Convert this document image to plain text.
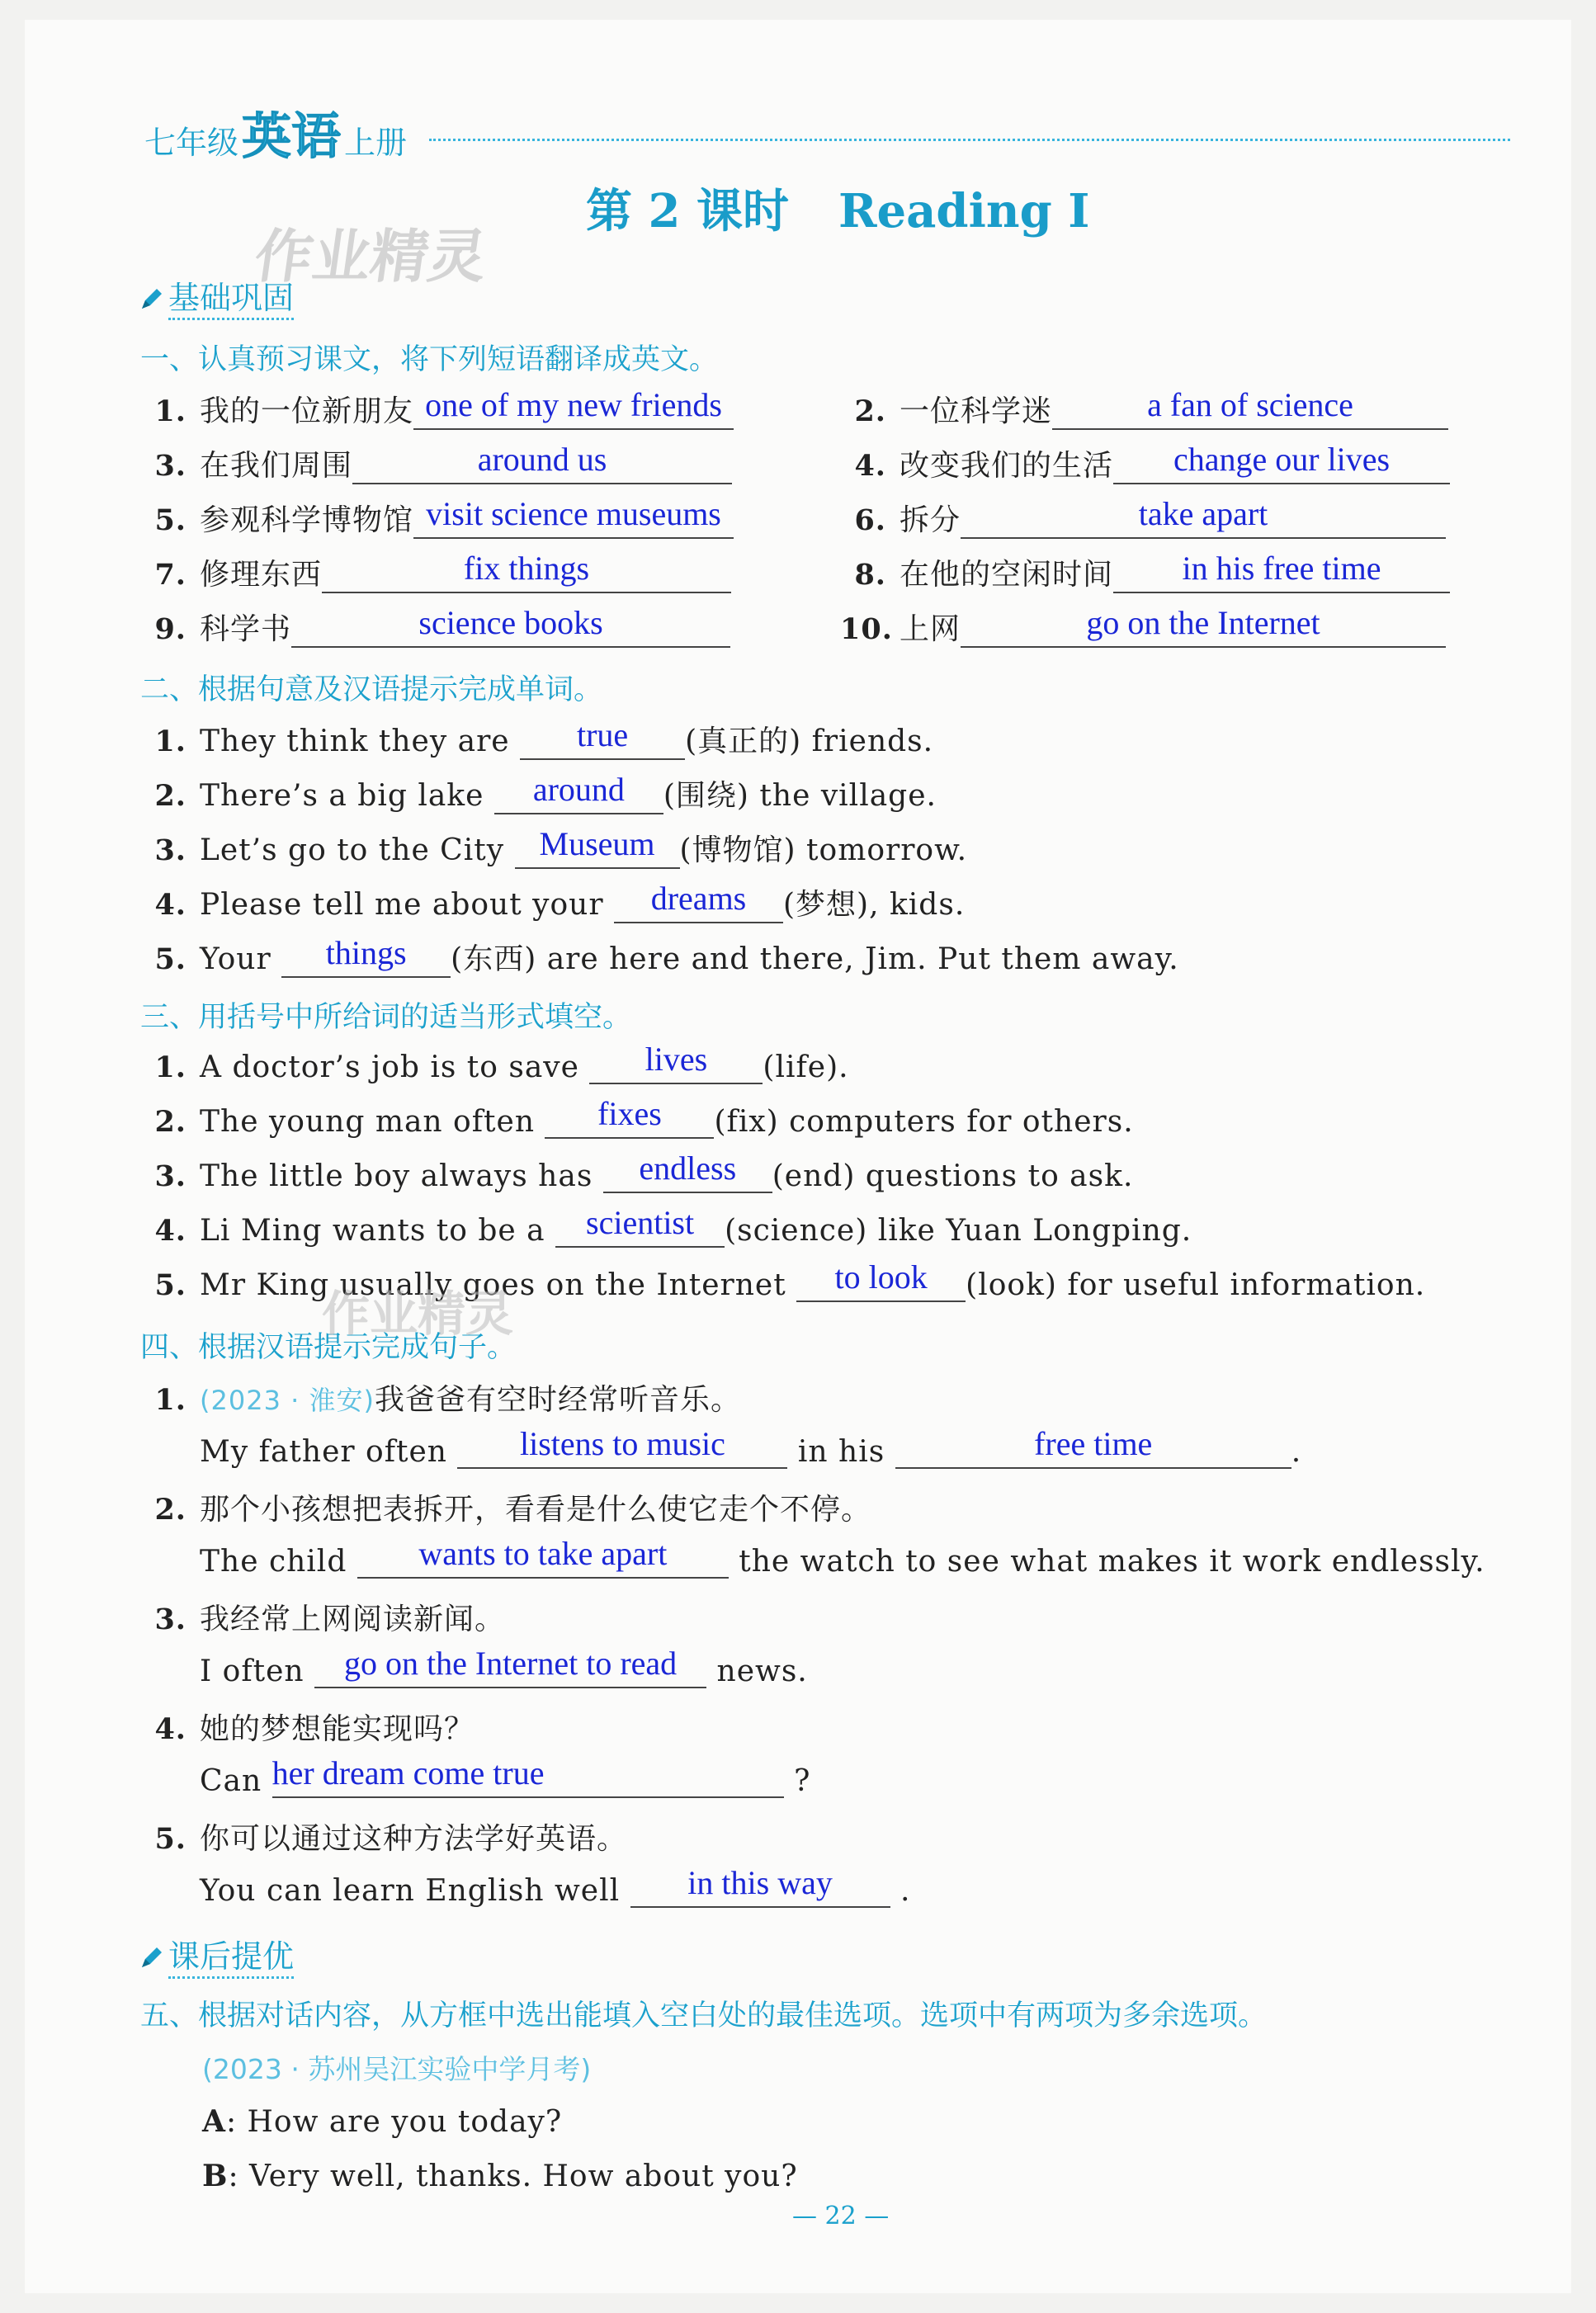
七年级英语 上册
第 2 课时 Reading Ⅰ
作业精灵
基础巩固
一、认真预习课文，将下列短语翻译成英文。
1. 我的一位新朋友 one of my new friends	2. 一位科学迷	a fan of science
3. 在我们周围	around us	4. 改变我们的生活 change our lives
5. 参观科学博物馆 visit science museums	6. 拆分	take apart
7. 修理东西	fix things	8. 在他的空闲时间 in his free time
9. 科学书	science books	10. 上网	go on the Internet
二、根据句意及汉语提示完成单词。
1. They think they are true (真正的) friends.
2. There’s a big lake around (围绕) the village.
3. Let’s go to the City Museum (博物馆) tomorrow.
4. Please tell me about your dreams (梦想), kids.
5. Your things (东西) are here and there, Jim. Put them away.
三、用括号中所给词的适当形式填空。
1. A doctor’s job is to save lives (life).
2. The young man often fixes (fix) computers for others.
3. The little boy always has endless (end) questions to ask.
4. Li Ming wants to be a scientist (science) like Yuan Longping.
5. Mr King usually goes on the Internet to look (look) for useful information.
四、根据汉语提示完成句子。
1. (2023 · 淮安)我爸爸有空时经常听音乐。
My father often listens to music in his	free time	.
2. 那个小孩想把表拆开，看看是什么使它走个不停。
The child wants to take apart the watch to see what makes it work endlessly.
3. 我经常上网阅读新闻。
I often go on the Internet to read news.
4. 她的梦想能实现吗？
Can her dream come true	?
5. 你可以通过这种方法学好英语。
You can learn English well in this way .
作业精灵
课后提优
五、根据对话内容，从方框中选出能填入空白处的最佳选项。选项中有两项为多余选项。
(2023 · 苏州吴江实验中学月考)
A: How are you today?
B: Very well, thanks. How about you?
— 22 —
